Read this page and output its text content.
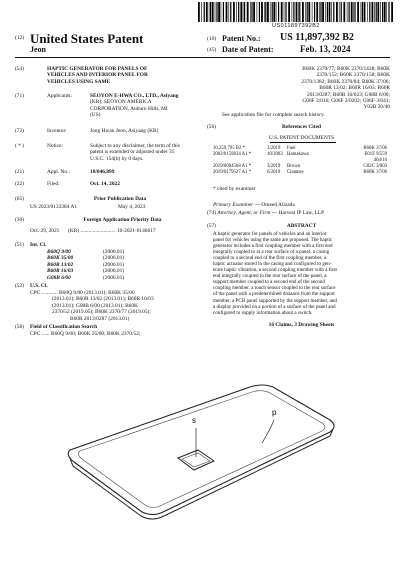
US011897392B2
(12) United States Patent
Jeon
(10) Patent No.: US 11,897,392 B2
(45) Date of Patent:	Feb. 13, 2024
(54)	HAPTIC GENERATOR FOR PANELS OF
VEHICLES AND INTERIOR PANEL FOR
VEHICLES USING SAME
(71)	Applicants:	SEOYON E-HWA CO., LTD., Asiyang
(KR); SEOYON AMERICA
CORPORATION, Auburn Hills, MI
(US)
(72)	Inventor:	Jong Hwan Jeon, Asiyang (KR)
( * )	Notice:	Subject to any disclaimer, the term of this
patent is extended or adjusted under 35
U.S.C. 154(b) by 0 days.
(21)	Appl. No.:	18/046,899
(22)	Filed:	Oct. 14, 2022
(65)	Prior Publication Data
US 2023/0133384 A1	May 4, 2023
(30)	Foreign Application Priority Data
Oct. 29, 2021 (KR) .......................... 10-2021-0146617
(51) Int. Cl.
B60Q 9/00	(2006.01)
B60K 35/00	(2006.01)
B60R 13/02	(2006.01)
B60R 16/03	(2006.01)
G08B 6/00	(2006.01)
(52) U.S. Cl.
CPC ............ B60Q 9/00 (2013.01); B60K 35/00
(2013.01); B60R 13/02 (2013.01); B60R 16/03
(2013.01); G08B 6/00 (2013.01); B60K
2370/52 (2019.05); B60K 2370/77 (2019.05);
B60R 2013/0287 (2013.01)
(58) Field of Classification Search
CPC ...... B60Q 9/00; B60K 35/00; B60K 2370/52;
B60K 2370/77; B60K 2370/1438; B60K
2370/152; B60K 2370/158; B60K
2370/1382; B60K 2370/84; B60K 37/06;
B60R 13/02; B60R 16/03; B60R
2013/0287; B60R 16/023; G08B 6/00;
G06F 3/016; G06F 3/0202; G06F 3/041;
Y02B 20/40
See application file for complete search history.
(56)	References Cited
U.S. PATENT DOCUMENTS
10,259,795 B2 *	3/2019 Fuel	B60K 37/06
2002/0159834 A1 *	10/2002 Hamakawa	E01F 9/559
404/16
2019/0094568 A1 *	3/2019 Brown	G02C 3/003
2019/0179527 A1 *	6/2019 Channey	B60K 37/06
* cited by examiner
Primary Examiner — Omeed Alizada
(74) Attorney, Agent, or Firm — Harvest IP Law, LLP
(57)	ABSTRACT
A haptic generator for panels of vehicles and an interior
panel for vehicles using the same are proposed. The haptic
generator includes a first coupling member with a first end
integrally coupled to at a rear surface of a panel, a casing
coupled to a second end of the first coupling member, a
haptic actuator stored in the casing and configured to gen-
erate haptic vibration, a second coupling member with a first
end integrally coupled to the rear surface of the panel, a
support member coupled to a second end of the second
coupling member, a touch sensor coupled to the rear surface
of the panel with a predetermined distance from the support
member, a PCB panel supported by the support member, and
a display provided on a portion of a surface of the panel and
configured to supply information about a switch.
16 Claims, 3 Drawing Sheets
s
p
